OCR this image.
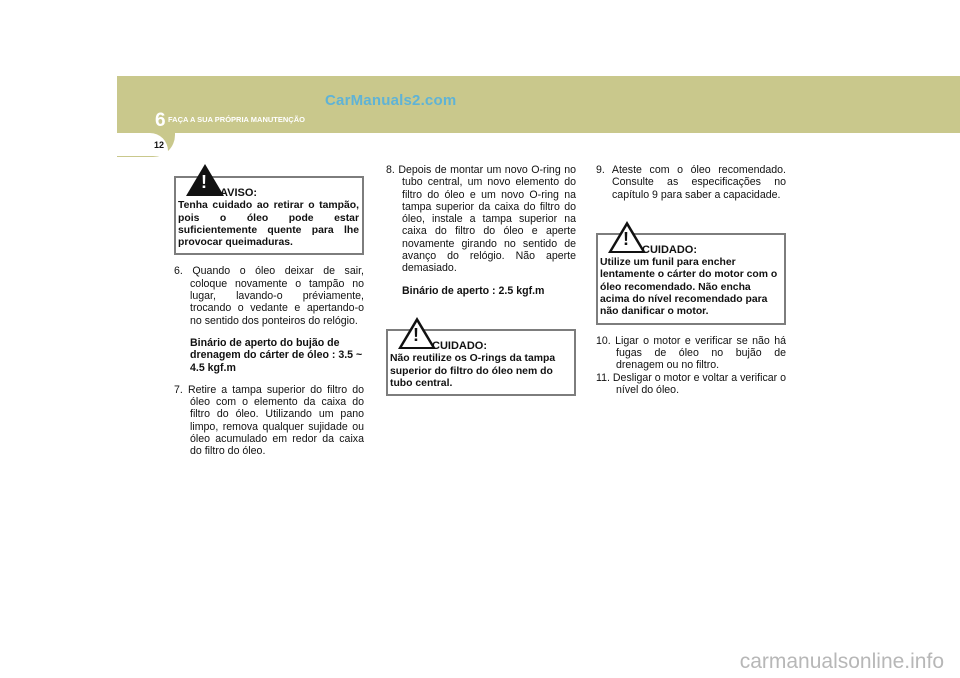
CarManuals2.com
6 FAÇA A SUA PRÓPRIA MANUTENÇÃO
12
!
AVISO:
Tenha cuidado ao retirar o tampão, pois o óleo pode estar suficientemente quente para lhe provocar queimaduras.

6. Quando o óleo deixar de sair, coloque novamente o tampão no lugar, lavando-o préviamente, trocando o vedante e apertando-o no sentido dos ponteiros do relógio.

Binário de aperto do bujão de drenagem do cárter de óleo : 3.5 ~ 4.5 kgf.m

7. Retire a tampa superior do filtro do óleo com o elemento da caixa do filtro do óleo. Utilizando um pano limpo, remova qualquer sujidade ou óleo acumulado em redor da caixa do filtro do óleo.

8. Depois de montar um novo O-ring no tubo central, um novo elemento do filtro do óleo e um novo O-ring na tampa superior da caixa do filtro do óleo, instale a tampa superior na caixa do filtro do óleo e aperte novamente girando no sentido de avanço do relógio. Não aperte demasiado.

Binário de aperto : 2.5 kgf.m
!
CUIDADO:
Não reutilize os O-rings da tampa superior do filtro do óleo nem do tubo central.

9. Ateste com o óleo recomendado. Consulte as especificações no capítulo 9 para saber a capacidade.

!
CUIDADO:
Utilize um funil para encher lentamente o cárter do motor com o óleo recomendado. Não encha acima do nível recomendado para não danificar o motor.

10. Ligar o motor e verificar se não há fugas de óleo no bujão de drenagem ou no filtro.

11. Desligar o motor e voltar a verificar o nível do óleo.

carmanualsonline.info
